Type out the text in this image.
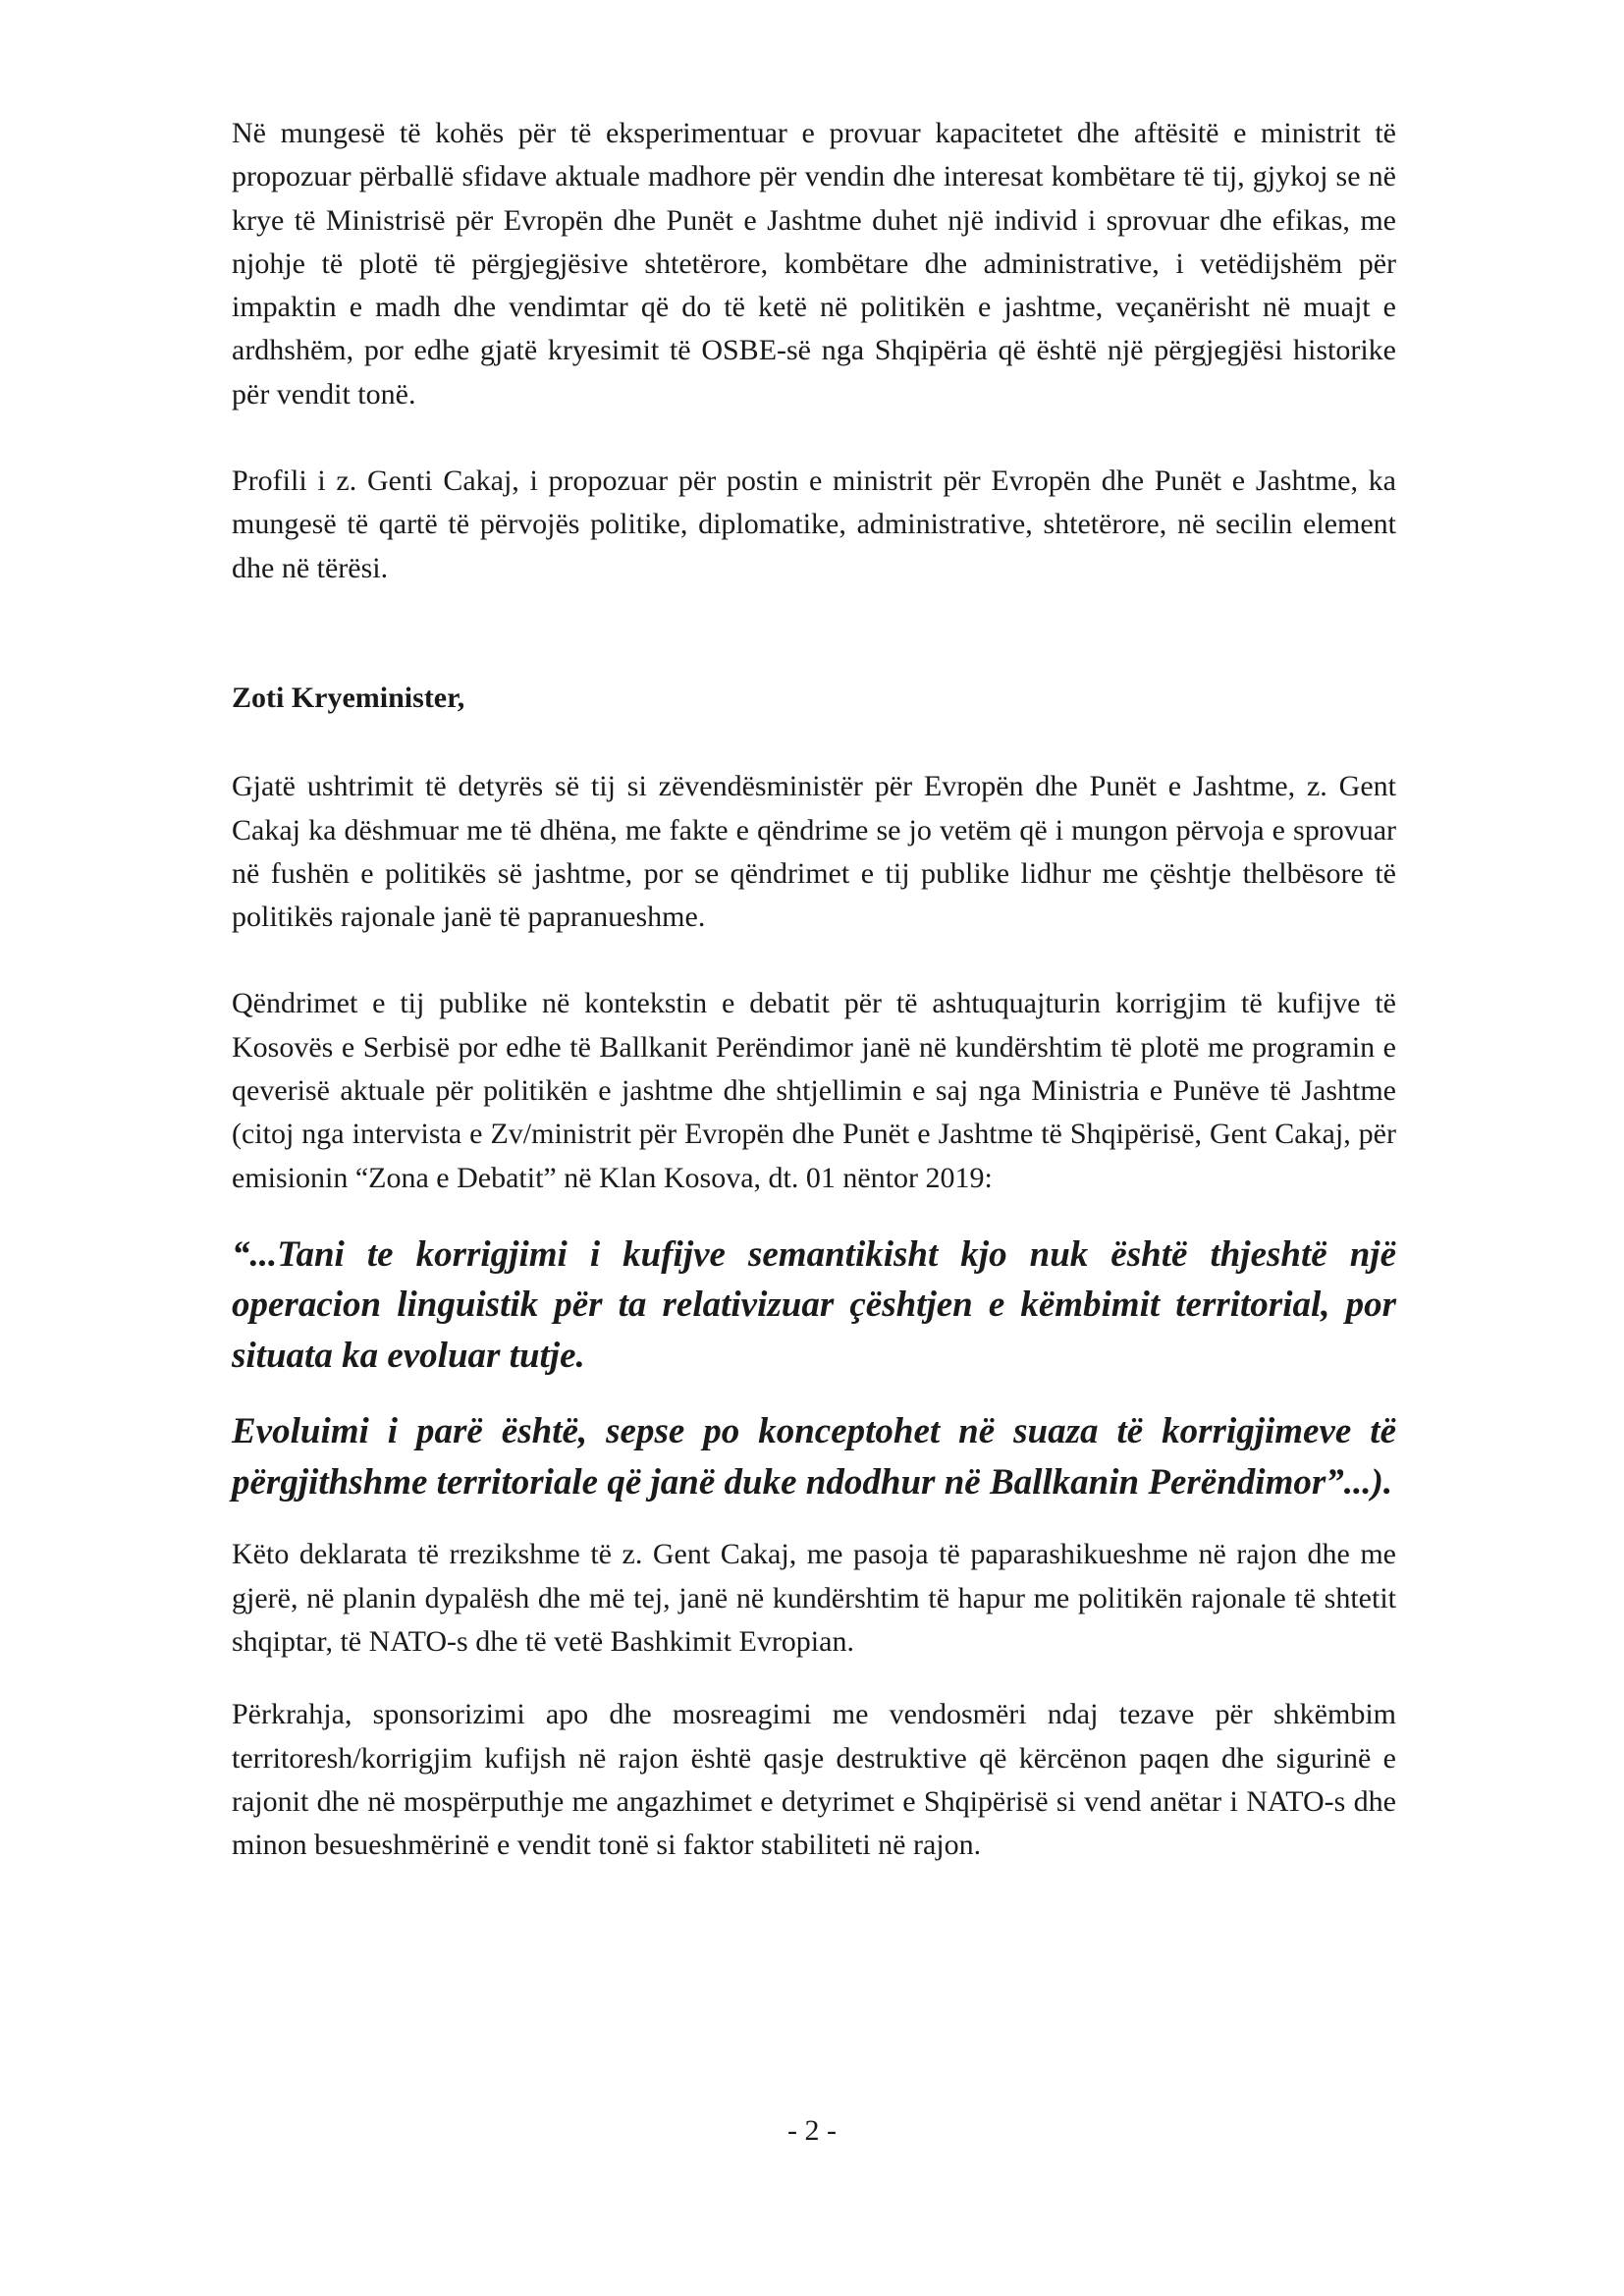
Në mungesë të kohës për të eksperimentuar e provuar kapacitetet dhe aftësitë e ministrit të propozuar përballë sfidave aktuale madhore për vendin dhe interesat kombëtare të tij, gjykoj se në krye të Ministrisë për Evropën dhe Punët e Jashtme duhet një individ i sprovuar dhe efikas, me njohje të plotë të përgjegjësive shtetërore, kombëtare dhe administrative, i vetëdijshëm për impaktin e madh dhe vendimtar që do të ketë në politikën e jashtme, veçanërisht në muajt e ardhshëm, por edhe gjatë kryesimit të OSBE-së nga Shqipëria që është një përgjegjësi historike për vendit tonë.

Profili i z. Genti Cakaj, i propozuar për postin e ministrit për Evropën dhe Punët e Jashtme, ka mungesë të qartë të përvojës politike, diplomatike, administrative, shtetërore, në secilin element dhe në tërësi.

Zoti Kryeminister,

Gjatë ushtrimit të detyrës së tij si zëvendësministër për Evropën dhe Punët e Jashtme, z. Gent Cakaj ka dëshmuar me të dhëna, me fakte e qëndrime se jo vetëm që i mungon përvoja e sprovuar në fushën e politikës së jashtme, por se qëndrimet e tij publike lidhur me çështje thelbësore të politikës rajonale janë të papranueshme.

Qëndrimet e tij publike në kontekstin e debatit për të ashtuquajturin korrigjim të kufijve të Kosovës e Serbisë por edhe të Ballkanit Perëndimor janë në kundërshtim të plotë me programin e qeverisë aktuale për politikën e jashtme dhe shtjellimin e saj nga Ministria e Punëve të Jashtme (citoj nga intervista e Zv/ministrit për Evropën dhe Punët e Jashtme të Shqipërisë, Gent Cakaj, për emisionin “Zona e Debatit” në Klan Kosova, dt. 01 nëntor 2019:

“...Tani te korrigjimi i kufijve semantikisht kjo nuk është thjeshtë një operacion linguistik për ta relativizuar çështjen e këmbimit territorial, por situata ka evoluar tutje.

Evoluimi i parë është, sepse po konceptohet në suaza të korrigjimeve të përgjithshme territoriale që janë duke ndodhur në Ballkanin Perëndimor”...).

Këto deklarata të rrezikshme të z. Gent Cakaj, me pasoja të paparashikueshme në rajon dhe me gjerë, në planin dypalësh dhe më tej, janë në kundërshtim të hapur me politikën rajonale të shtetit shqiptar, të NATO-s dhe të vetë Bashkimit Evropian.

Përkrahja, sponsorizimi apo dhe mosreagimi me vendosmëri ndaj tezave për shkëmbim territoresh/korrigjim kufijsh në rajon është qasje destruktive që kërcënon paqen dhe sigurinë e rajonit dhe në mospërputhje me angazhimet e detyrimet e Shqipërisë si vend anëtar i NATO-s dhe minon besueshmërinë e vendit tonë si faktor stabiliteti në rajon.

- 2 -
